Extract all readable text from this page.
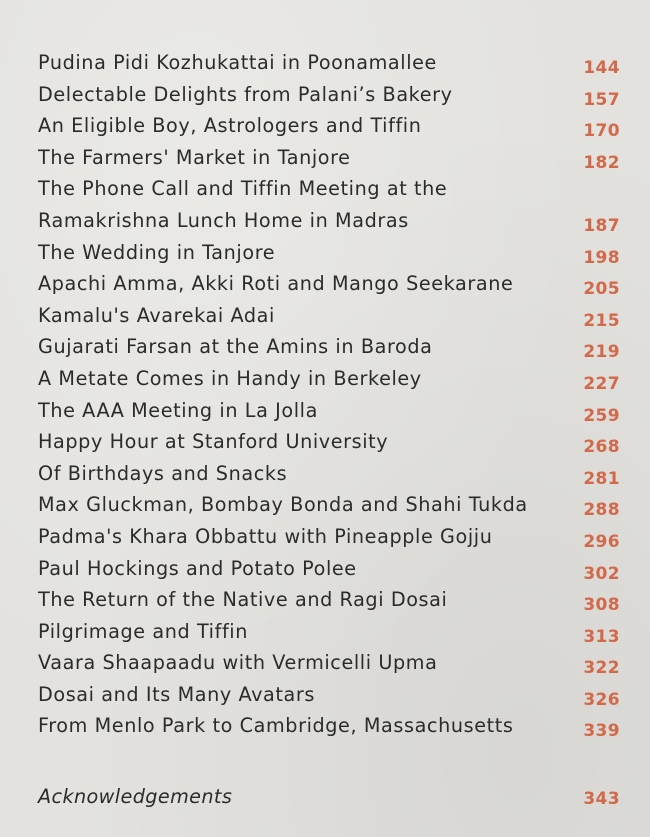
Pudina Pidi Kozhukattai in Poonamallee	144
Delectable Delights from Palani’s Bakery	157
An Eligible Boy, Astrologers and Tiffin	170
The Farmers' Market in Tanjore	182
The Phone Call and Tiffin Meeting at the
Ramakrishna Lunch Home in Madras	187
The Wedding in Tanjore	198
Apachi Amma, Akki Roti and Mango Seekarane	205
Kamalu's Avarekai Adai	215
Gujarati Farsan at the Amins in Baroda	219
A Metate Comes in Handy in Berkeley	227
The AAA Meeting in La Jolla	259
Happy Hour at Stanford University	268
Of Birthdays and Snacks	281
Max Gluckman, Bombay Bonda and Shahi Tukda	288
Padma's Khara Obbattu with Pineapple Gojju	296
Paul Hockings and Potato Polee	302
The Return of the Native and Ragi Dosai	308
Pilgrimage and Tiffin	313
Vaara Shaapaadu with Vermicelli Upma	322
Dosai and Its Many Avatars	326
From Menlo Park to Cambridge, Massachusetts	339
Acknowledgements	343
